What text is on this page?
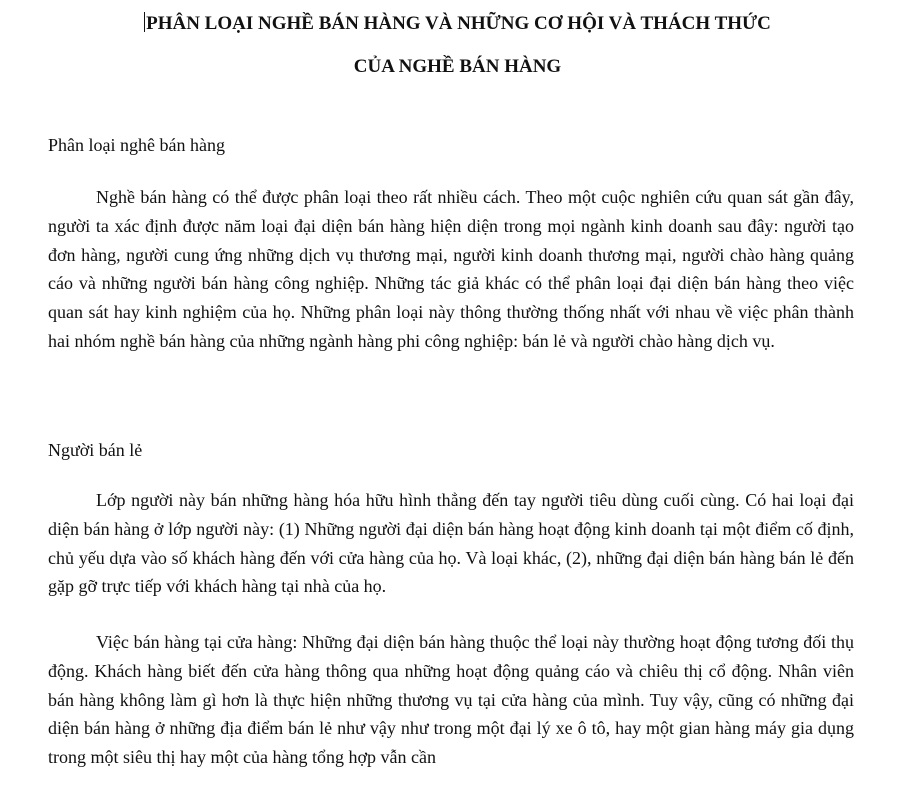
PHÂN LOẠI NGHỀ BÁN HÀNG VÀ NHỮNG CƠ HỘI VÀ THÁCH THỨC
CỦA NGHỀ BÁN HÀNG
Phân loại nghê bán hàng

Nghề bán hàng có thể được phân loại theo rất nhiều cách. Theo một cuộc nghiên cứu quan sát gần đây, người ta xác định được năm loại đại diện bán hàng hiện diện trong mọi ngành kinh doanh sau đây: người tạo đơn hàng, người cung ứng những dịch vụ thương mại, người kinh doanh thương mại, người chào hàng quảng cáo và những người bán hàng công nghiệp. Những tác giả khác có thể phân loại đại diện bán hàng theo việc quan sát hay kinh nghiệm của họ. Những phân loại này thông thường thống nhất với nhau về việc phân thành hai nhóm nghề bán hàng của những ngành hàng phi công nghiệp: bán lẻ và người chào hàng dịch vụ.

Người bán lẻ

Lớp người này bán những hàng hóa hữu hình thẳng đến tay người tiêu dùng cuối cùng. Có hai loại đại diện bán hàng ở lớp người này: (1) Những người đại diện bán hàng hoạt động kinh doanh tại một điểm cố định, chủ yếu dựa vào số khách hàng đến với cửa hàng của họ. Và loại khác, (2), những đại diện bán hàng bán lẻ đến gặp gỡ trực tiếp với khách hàng tại nhà của họ.

Việc bán hàng tại cửa hàng: Những đại diện bán hàng thuộc thể loại này thường hoạt động tương đối thụ động. Khách hàng biết đến cửa hàng thông qua những hoạt động quảng cáo và chiêu thị cổ động. Nhân viên bán hàng không làm gì hơn là thực hiện những thương vụ tại cửa hàng của mình. Tuy vậy, cũng có những đại diện bán hàng ở những địa điểm bán lẻ như vậy như trong một đại lý xe ô tô, hay một gian hàng máy gia dụng trong một siêu thị hay một của hàng tổng hợp vẫn cần
